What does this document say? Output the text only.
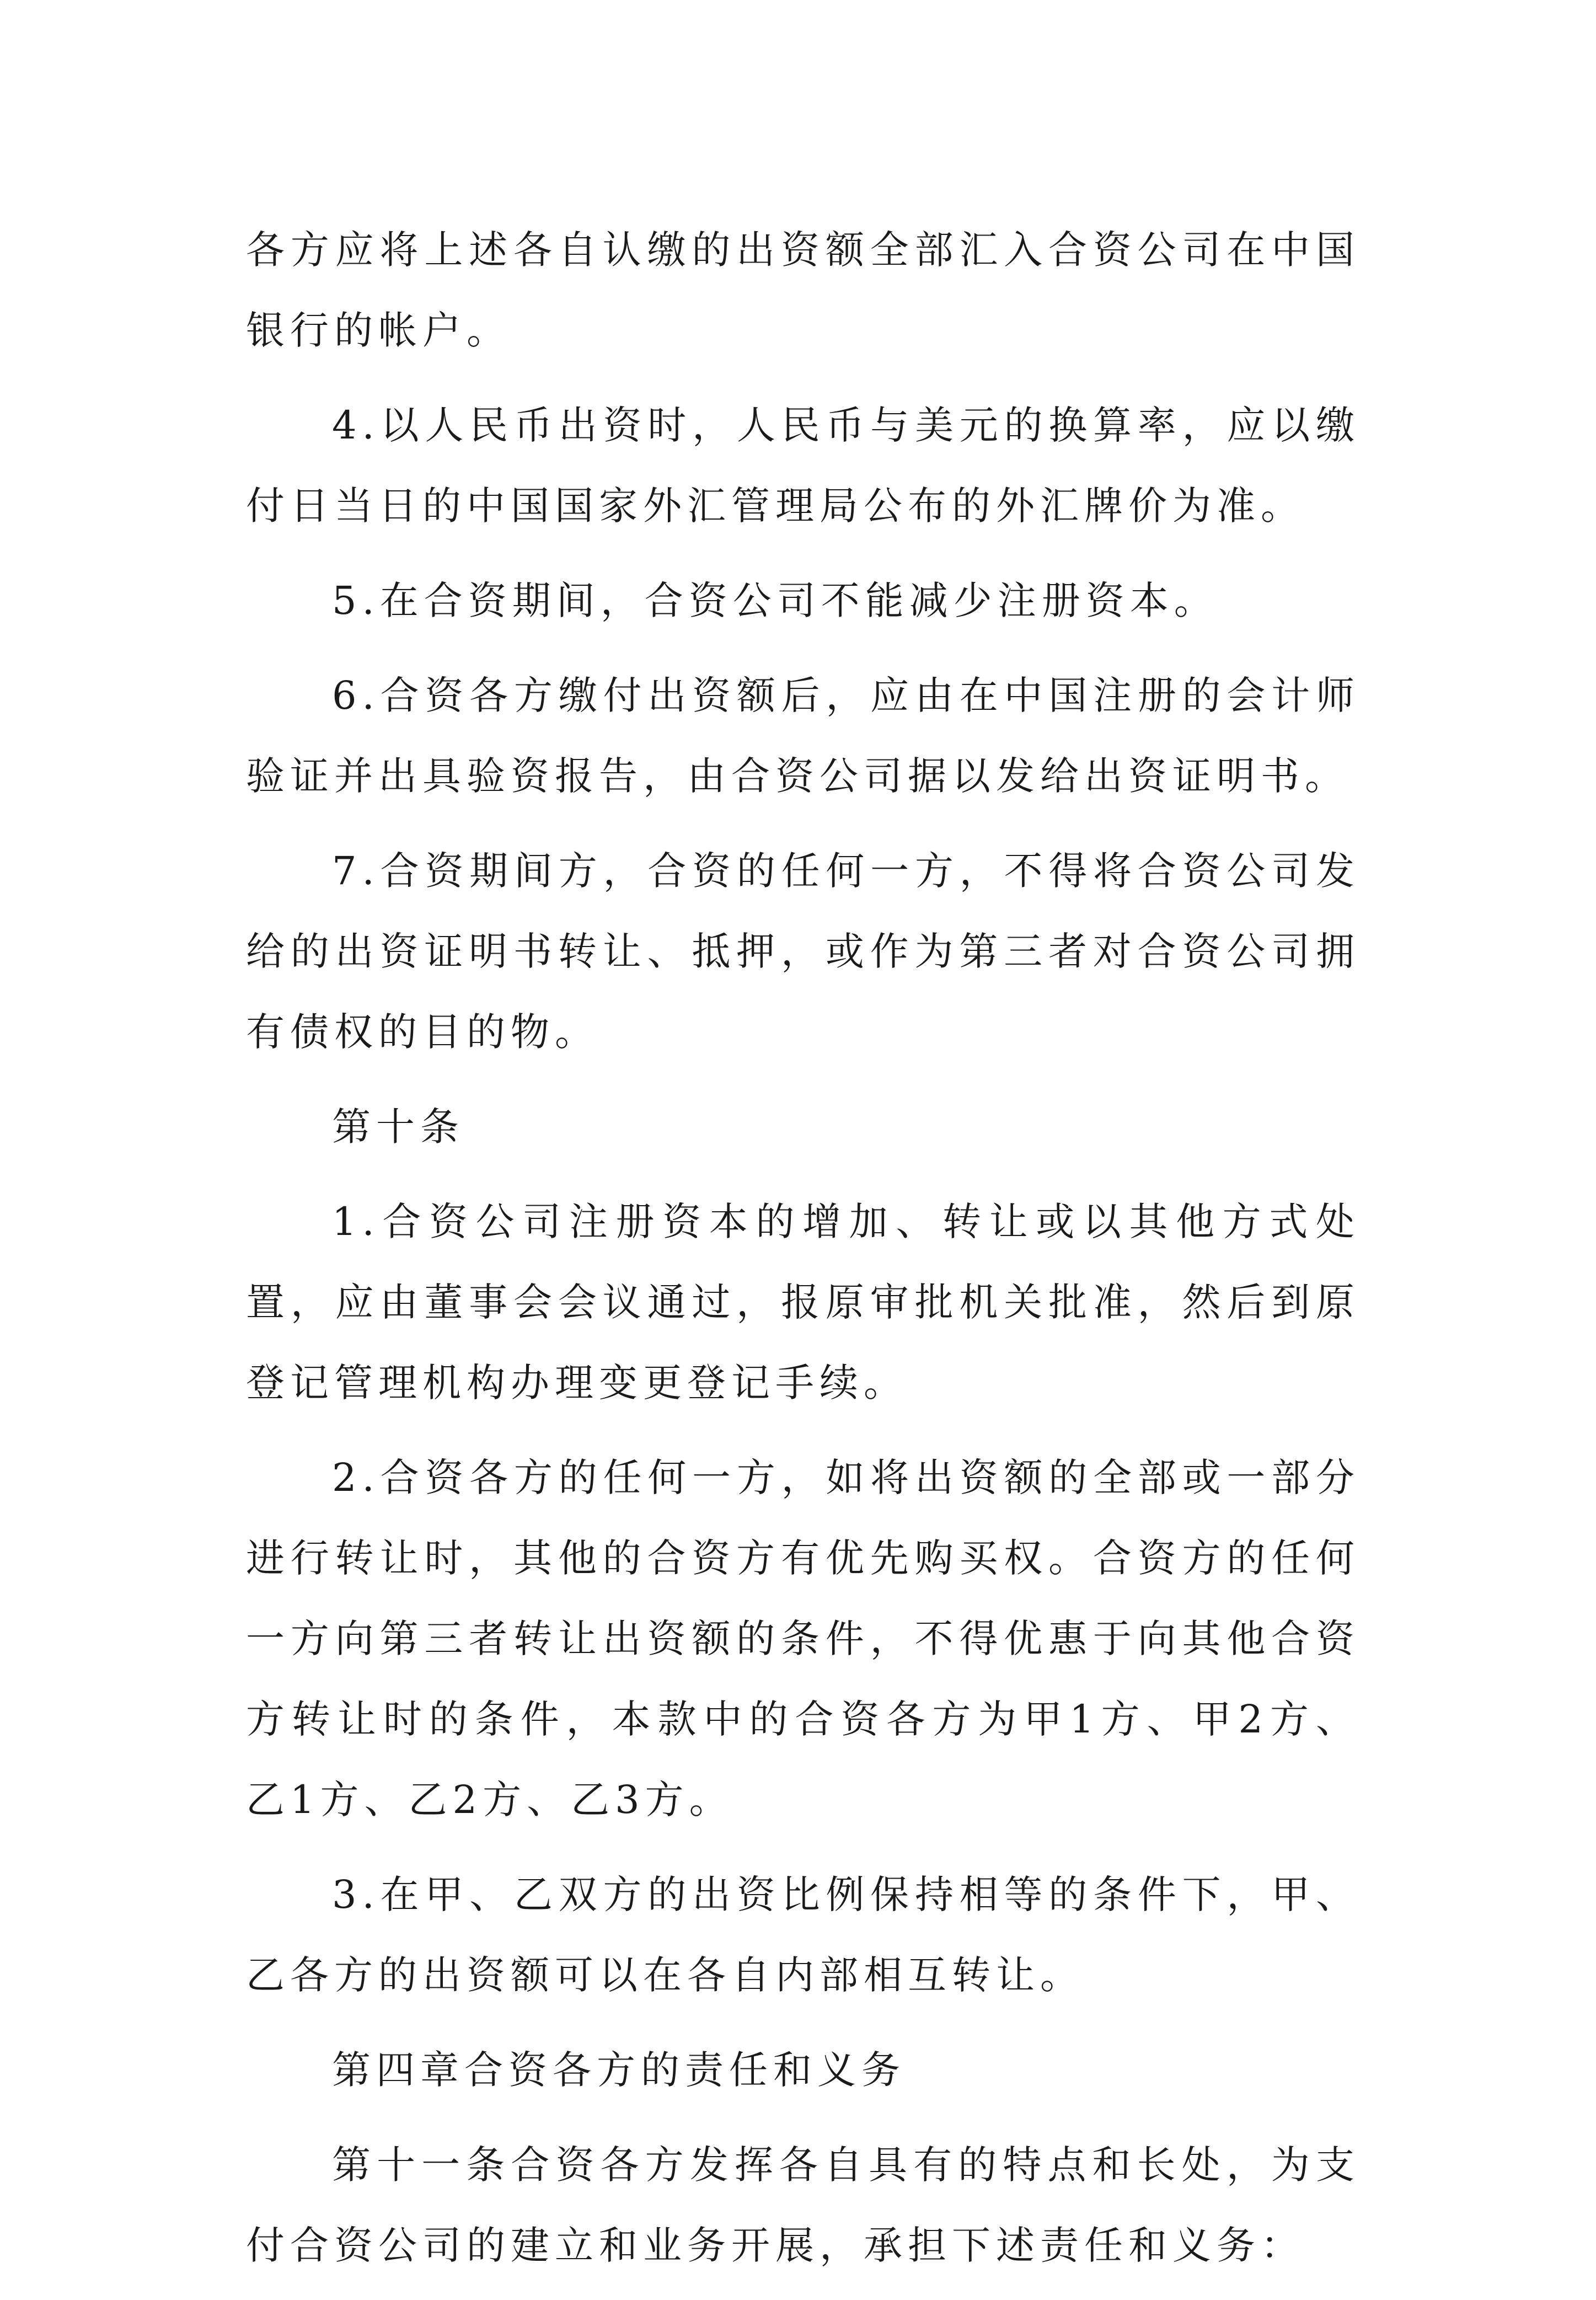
各方应将上述各自认缴的出资额全部汇入合资公司在中国银行的帐户。

4.以人民币出资时，人民币与美元的换算率，应以缴付日当日的中国国家外汇管理局公布的外汇牌价为准。

5.在合资期间，合资公司不能减少注册资本。

6.合资各方缴付出资额后，应由在中国注册的会计师验证并出具验资报告，由合资公司据以发给出资证明书。

7.合资期间方，合资的任何一方，不得将合资公司发给的出资证明书转让、抵押，或作为第三者对合资公司拥有债权的目的物。

第十条

1.合资公司注册资本的增加、转让或以其他方式处置，应由董事会会议通过，报原审批机关批准，然后到原登记管理机构办理变更登记手续。

2.合资各方的任何一方，如将出资额的全部或一部分进行转让时，其他的合资方有优先购买权。合资方的任何一方向第三者转让出资额的条件，不得优惠于向其他合资方转让时的条件，本款中的合资各方为甲1方、甲2方、乙1方、乙2方、乙3方。

3.在甲、乙双方的出资比例保持相等的条件下，甲、乙各方的出资额可以在各自内部相互转让。

第四章合资各方的责任和义务

第十一条合资各方发挥各自具有的特点和长处，为支付合资公司的建立和业务开展，承担下述责任和义务：
